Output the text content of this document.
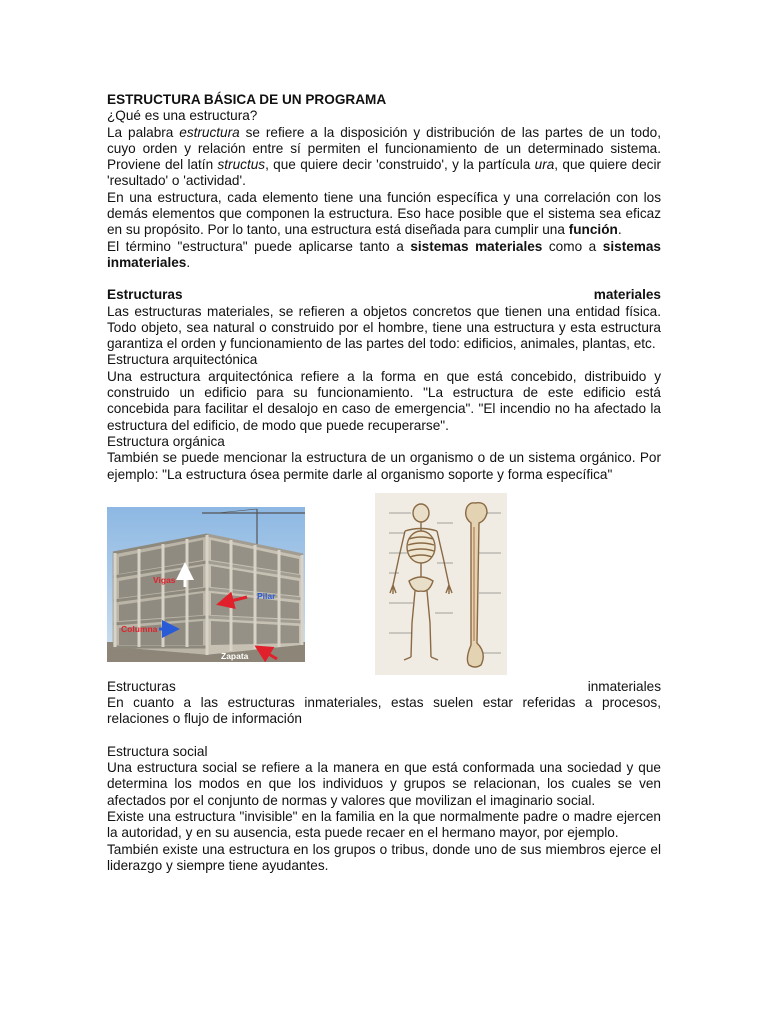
ESTRUCTURA BÁSICA DE UN PROGRAMA

¿Qué es una estructura?

La palabra estructura se refiere a la disposición y distribución de las partes de un todo, cuyo orden y relación entre sí permiten el funcionamiento de un determinado sistema. Proviene del latín structus, que quiere decir 'construido', y la partícula ura, que quiere decir 'resultado' o 'actividad'.

En una estructura, cada elemento tiene una función específica y una correlación con los demás elementos que componen la estructura. Eso hace posible que el sistema sea eficaz en su propósito. Por lo tanto, una estructura está diseñada para cumplir una función.

El término "estructura" puede aplicarse tanto a sistemas materiales como a sistemas inmateriales.

Estructuras	materiales

Las estructuras materiales, se refieren a objetos concretos que tienen una entidad física. Todo objeto, sea natural o construido por el hombre, tiene una estructura y esta estructura garantiza el orden y funcionamiento de las partes del todo: edificios, animales, plantas, etc.

Estructura arquitectónica

Una estructura arquitectónica refiere a la forma en que está concebido, distribuido y construido un edificio para su funcionamiento. "La estructura de este edificio está concebida para facilitar el desalojo en caso de emergencia". "El incendio no ha afectado la estructura del edificio, de modo que puede recuperarse".

Estructura orgánica

También se puede mencionar la estructura de un organismo o de un sistema orgánico. Por ejemplo: "La estructura ósea permite darle al organismo soporte y forma específica"

Vigas
Pilar
Columna
Zapata
Estructuras	inmateriales

En cuanto a las estructuras inmateriales, estas suelen estar referidas a procesos, relaciones o flujo de información

Estructura social

Una estructura social se refiere a la manera en que está conformada una sociedad y que determina los modos en que los individuos y grupos se relacionan, los cuales se ven afectados por el conjunto de normas y valores que movilizan el imaginario social.

Existe una estructura "invisible" en la familia en la que normalmente padre o madre ejercen la autoridad, y en su ausencia, esta puede recaer en el hermano mayor, por ejemplo.

También existe una estructura en los grupos o tribus, donde uno de sus miembros ejerce el liderazgo y siempre tiene ayudantes.
